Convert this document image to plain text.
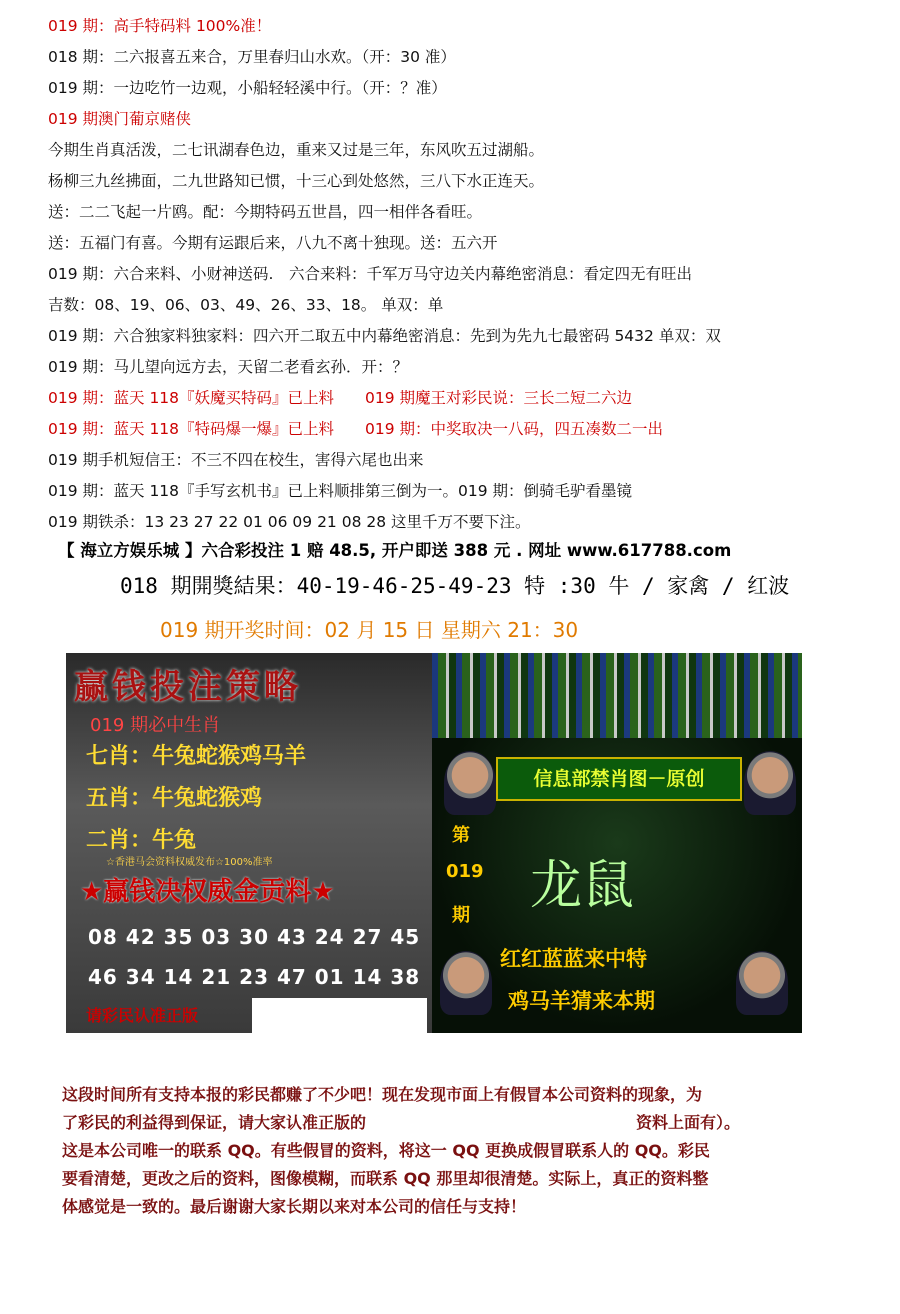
019 期：高手特码料 100%准！
018 期：二六报喜五来合，万里春归山水欢。（开：30 准）
019 期：一边吃竹一边观，小船轻轻溪中行。（开：？准）
019 期澳门葡京赌侠
今期生肖真活泼，二七讯湖春色边，重来又过是三年，东风吹五过湖船。
杨柳三九丝拂面，二九世路知已惯，十三心到处悠然，三八下水正连天。
送：二二飞起一片鸥。配：今期特码五世昌，四一相伴各看旺。
送：五福门有喜。今期有运跟后来，八九不离十独现。送：五六开
019 期：六合来料、小财神送码.　六合来料：千军万马守边关内幕绝密消息：看定四无有旺出
吉数：08、19、06、03、49、26、33、18。 单双：单
019 期：六合独家料独家料：四六开二取五中内幕绝密消息：先到为先九七最密码 5432 单双：双
019 期：马儿望向远方去，天留二老看玄孙．开：？
019 期：蓝天 118『妖魔买特码』已上料　　019 期魔王对彩民说：三长二短二六边
019 期：蓝天 118『特码爆一爆』已上料　　019 期：中奖取决一八码，四五凑数二一出
019 期手机短信王：不三不四在校生，害得六尾也出来
019 期：蓝天 118『手写玄机书』已上料顺排第三倒为一。019 期：倒骑毛驴看墨镜
019 期铁杀：13 23 27 22 01 06 09 21 08 28 这里千万不要下注。
【 海立方娱乐城 】六合彩投注 1 赔 48.5, 开户即送 388 元 . 网址 www.617788.com
018 期開獎結果：40-19-46-25-49-23 特 :30 牛 / 家禽 / 红波
019 期开奖时间：02 月 15 日 星期六 21：30
赢钱投注策略
019 期必中生肖
七肖：牛兔蛇猴鸡马羊
五肖：牛兔蛇猴鸡
二肖：牛兔
☆香港马会资料权威发布☆100%准率
★赢钱决权威金贡料★
08 42 35 03 30 43 24 27 45
46 34 14 21 23 47 01 14 38
请彩民认准正版
信息部禁肖图－原创
第
019
期 龙鼠
红红蓝蓝来中特
鸡马羊猜来本期
这段时间所有支持本报的彩民都赚了不少吧！现在发现市面上有假冒本公司资料的现象，为
了彩民的利益得到保证，请大家认准正版的	资料上面有）。
这是本公司唯一的联系 QQ。有些假冒的资料，将这一 QQ 更换成假冒联系人的 QQ。彩民
要看清楚，更改之后的资料，图像模糊，而联系 QQ 那里却很清楚。实际上，真正的资料整
体感觉是一致的。最后谢谢大家长期以来对本公司的信任与支持！
